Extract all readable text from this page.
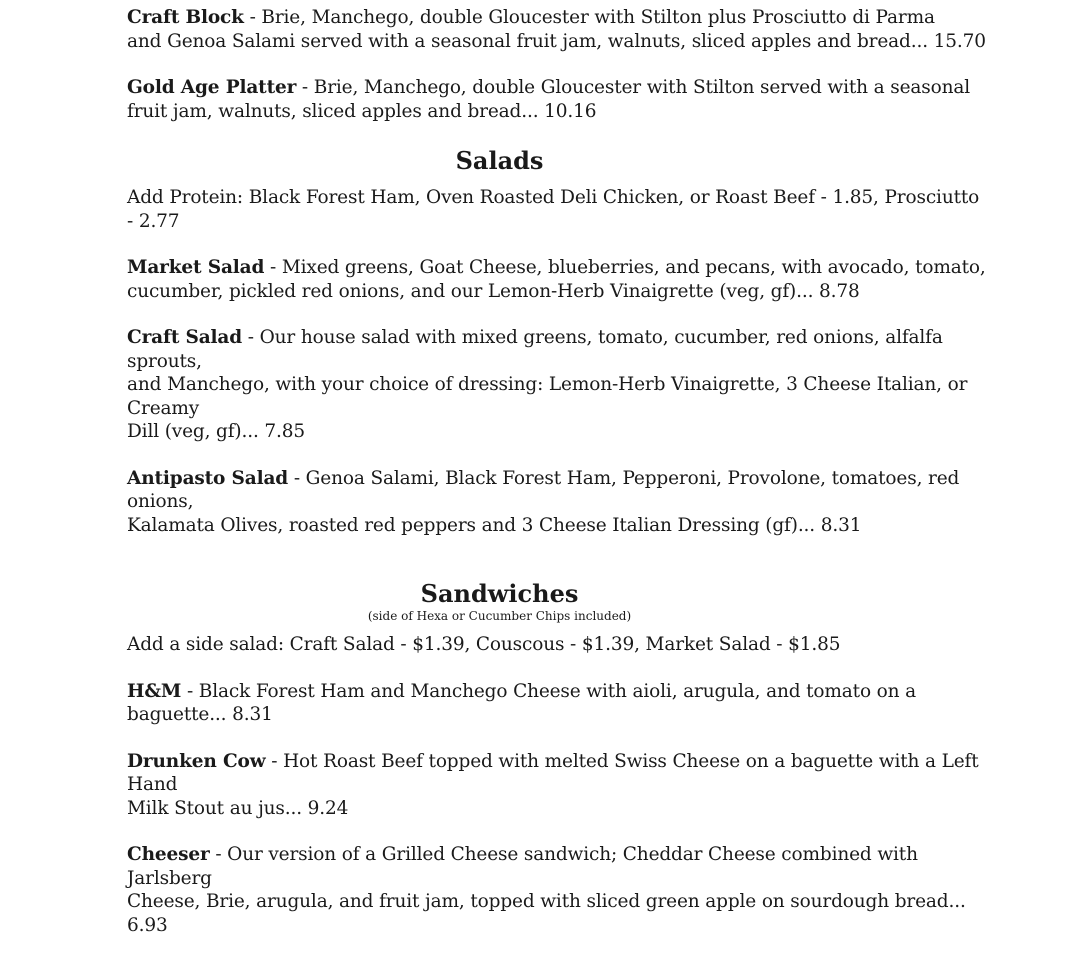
Craft Block - Brie, Manchego, double Gloucester with Stilton plus Prosciutto di Parma
and Genoa Salami served with a seasonal fruit jam, walnuts, sliced apples and bread... 15.70
Gold Age Platter - Brie, Manchego, double Gloucester with Stilton served with a seasonal
fruit jam, walnuts, sliced apples and bread... 10.16
Salads
Add Protein: Black Forest Ham, Oven Roasted Deli Chicken, or Roast Beef - 1.85, Prosciutto - 2.77
Market Salad - Mixed greens, Goat Cheese, blueberries, and pecans, with avocado, tomato,
cucumber, pickled red onions, and our Lemon-Herb Vinaigrette (veg, gf)... 8.78
Craft Salad - Our house salad with mixed greens, tomato, cucumber, red onions, alfalfa sprouts,
and Manchego, with your choice of dressing: Lemon-Herb Vinaigrette, 3 Cheese Italian, or Creamy
Dill (veg, gf)... 7.85
Antipasto Salad - Genoa Salami, Black Forest Ham, Pepperoni, Provolone, tomatoes, red onions,
Kalamata Olives, roasted red peppers and 3 Cheese Italian Dressing (gf)... 8.31
Sandwiches
(side of Hexa or Cucumber Chips included)
Add a side salad: Craft Salad - $1.39, Couscous - $1.39, Market Salad - $1.85
H&M - Black Forest Ham and Manchego Cheese with aioli, arugula, and tomato on a
baguette... 8.31
Drunken Cow - Hot Roast Beef topped with melted Swiss Cheese on a baguette with a Left Hand
Milk Stout au jus... 9.24
Cheeser - Our version of a Grilled Cheese sandwich; Cheddar Cheese combined with Jarlsberg
Cheese, Brie, arugula, and fruit jam, topped with sliced green apple on sourdough bread... 6.93
